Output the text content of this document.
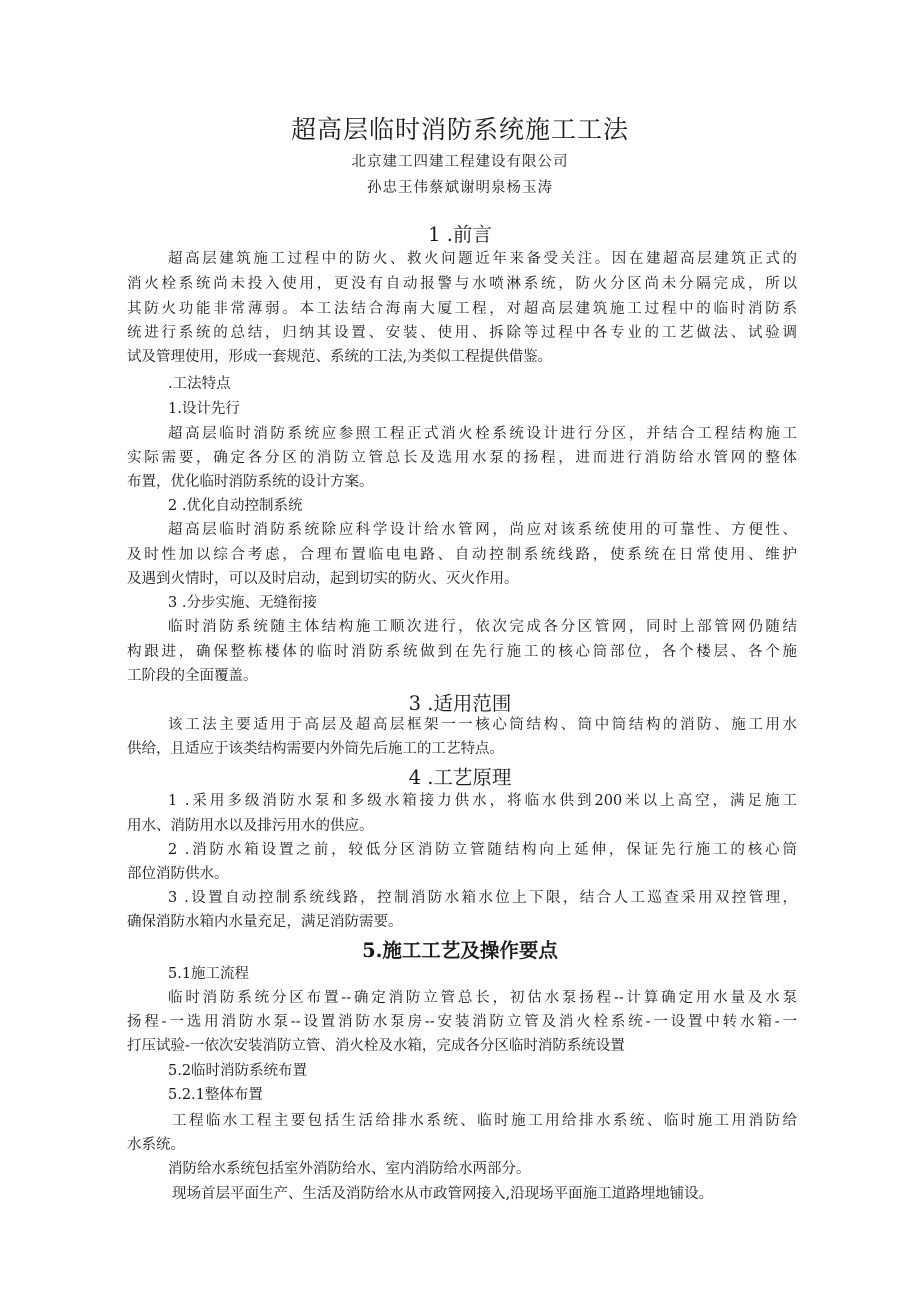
超高层临时消防系统施工工法
北京建工四建工程建设有限公司
孙忠王伟蔡斌谢明泉杨玉涛
1 .前言
超高层建筑施工过程中的防火、救火问题近年来备受关注。因在建超高层建筑正式的
消火栓系统尚未投入使用，更没有自动报警与水喷淋系统，防火分区尚未分隔完成，所以
其防火功能非常薄弱。本工法结合海南大厦工程，对超高层建筑施工过程中的临时消防系
统进行系统的总结，归纳其设置、安装、使用、拆除等过程中各专业的工艺做法、试验调
试及管理使用，形成一套规范、系统的工法,为类似工程提供借鉴。
.工法特点
1.设计先行
超高层临时消防系统应参照工程正式消火栓系统设计进行分区，并结合工程结构施工
实际需要，确定各分区的消防立管总长及选用水泵的扬程，进而进行消防给水管网的整体
布置，优化临时消防系统的设计方案。
2 .优化自动控制系统
超高层临时消防系统除应科学设计给水管网，尚应对该系统使用的可靠性、方便性、
及时性加以综合考虑，合理布置临电电路、自动控制系统线路，使系统在日常使用、维护
及遇到火情时，可以及时启动，起到切实的防火、灭火作用。
3 .分步实施、无缝衔接
临时消防系统随主体结构施工顺次进行，依次完成各分区管网，同时上部管网仍随结
构跟进，确保整栋楼体的临时消防系统做到在先行施工的核心筒部位，各个楼层、各个施
工阶段的全面覆盖。
3 .适用范围
该工法主要适用于高层及超高层框架一一核心筒结构、筒中筒结构的消防、施工用水
供给，且适应于该类结构需要内外筒先后施工的工艺特点。
4 .工艺原理
1 .采用多级消防水泵和多级水箱接力供水，将临水供到200米以上高空，满足施工
用水、消防用水以及排污用水的供应。
2 .消防水箱设置之前，较低分区消防立管随结构向上延伸，保证先行施工的核心筒
部位消防供水。
3 .设置自动控制系统线路，控制消防水箱水位上下限，结合人工巡查采用双控管理，
确保消防水箱内水量充足，满足消防需要。
5.施工工艺及操作要点
5.1施工流程
临时消防系统分区布置--确定消防立管总长，初估水泵扬程--计算确定用水量及水泵
扬程-一选用消防水泵--设置消防水泵房--安装消防立管及消火栓系统-一设置中转水箱-一
打压试验-一依次安装消防立管、消火栓及水箱，完成各分区临时消防系统设置
5.2临时消防系统布置
5.2.1整体布置
工程临水工程主要包括生活给排水系统、临时施工用给排水系统、临时施工用消防给
水系统。
消防给水系统包括室外消防给水、室内消防给水两部分。
现场首层平面生产、生活及消防给水从市政管网接入,沿现场平面施工道路埋地铺设。
